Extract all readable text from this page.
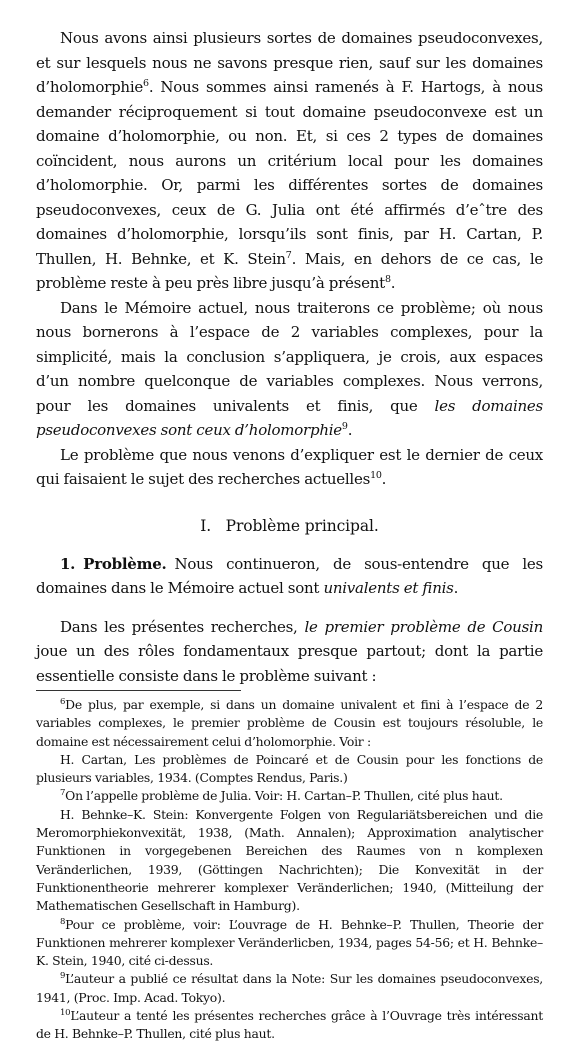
Nous avons ainsi plusieurs sortes de domaines pseudoconvexes, et sur lesquels nous ne savons presque rien, sauf sur les domaines d’holomorphie$^6$. Nous sommes ainsi ramenés à F. Hartogs, à nous demander réciproquement si tout domaine pseudoconvexe est un domaine d’holomorphie, ou non. Et, si ces 2 types de domaines coïncident, nous aurons un critérium local pour les domaines d’holomorphie. Or, parmi les différentes sortes de domaines pseudoconvexes, ceux de G. Julia ont été affirmés d’eˆtre des domaines d’holomorphie, lorsqu’ils sont finis, par H. Cartan, P. Thullen, H. Behnke, et K. Stein$^7$. Mais, en dehors de ce cas, le problème reste à peu près libre jusqu’à présent$^8$.

Dans le Mémoire actuel, nous traiterons ce problème; où nous nous bornerons à l’espace de 2 variables complexes, pour la simplicité, mais la conclusion s’appliquera, je crois, aux espaces d’un nombre quelconque de variables complexes. Nous verrons, pour les domaines univalents et finis, que les domaines pseudoconvexes sont ceux d’holomorphie$^9$.

Le problème que nous venons d’expliquer est le dernier de ceux qui faisaient le sujet des recherches actuelles$^{10}$.

I.   Problème principal.

1. Problème. Nous continueron, de sous-entendre que les domaines dans le Mémoire actuel sont univalents et finis.

Dans les présentes recherches, le premier problème de Cousin joue un des rôles fondamentaux presque partout; dont la partie essentielle consiste dans le problème suivant :

$^6$De plus, par exemple, si dans un domaine univalent et fini à l’espace de 2 variables complexes, le premier problème de Cousin est toujours résoluble, le domaine est nécessairement celui d’holomorphie. Voir :

H. Cartan, Les problèmes de Poincaré et de Cousin pour les fonctions de plusieurs variables, 1934. (Comptes Rendus, Paris.)

$^7$On l’appelle problème de Julia. Voir: H. Cartan–P. Thullen, cité plus haut.

H. Behnke–K. Stein: Konvergente Folgen von Regulariätsbereichen und die Meromorphiekonvexität, 1938, (Math. Annalen); Approximation analytischer Funktionen in vorgegebenen Bereichen des Raumes von n komplexen Veränderlichen, 1939, (Göttingen Nachrichten); Die Konvexität in der Funktionentheorie mehrerer komplexer Veränderlichen; 1940, (Mitteilung der Mathematischen Gesellschaft in Hamburg).

$^8$Pour ce problème, voir: L’ouvrage de H. Behnke–P. Thullen, Theorie der Funktionen mehrerer komplexer Veränderlicben, 1934, pages 54-56; et H. Behnke–K. Stein, 1940, cité ci-dessus.

$^9$L’auteur a publié ce résultat dans la Note: Sur les domaines pseudoconvexes, 1941, (Proc. Imp. Acad. Tokyo).

$^{10}$L’auteur a tenté les présentes recherches grâce à l’Ouvrage très intéressant de H. Behnke–P. Thullen, cité plus haut.
